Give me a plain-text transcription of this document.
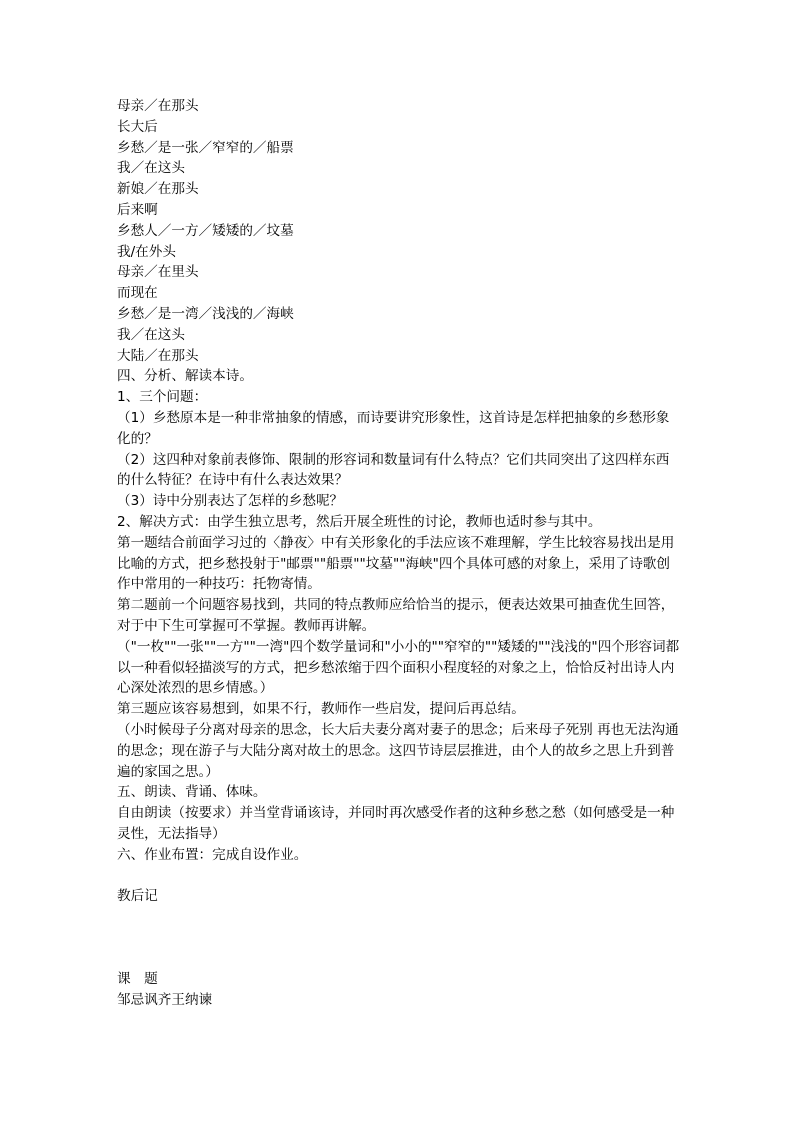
母亲／在那头

长大后

乡愁／是一张／窄窄的／船票

我／在这头

新娘／在那头

后来啊

乡愁人／一方／矮矮的／坟墓

我/在外头

母亲／在里头

而现在

乡愁／是一湾／浅浅的／海峡

我／在这头

大陆／在那头

四、分析、解读本诗。

1、三个问题：

（1）乡愁原本是一种非常抽象的情感，而诗要讲究形象性，这首诗是怎样把抽象的乡愁形象化的？

（2）这四种对象前表修饰、限制的形容词和数量词有什么特点？它们共同突出了这四样东西的什么特征？在诗中有什么表达效果？

（3）诗中分别表达了怎样的乡愁呢？

2、解决方式：由学生独立思考，然后开展全班性的讨论，教师也适时参与其中。

第一题结合前面学习过的〈静夜〉中有关形象化的手法应该不难理解，学生比较容易找出是用比喻的方式，把乡愁投射于"邮票""船票""坟墓""海峡"四个具体可感的对象上，采用了诗歌创作中常用的一种技巧：托物寄情。

第二题前一个问题容易找到，共同的特点教师应给恰当的提示，便表达效果可抽查优生回答，对于中下生可掌握可不掌握。教师再讲解。

（"一枚""一张""一方""一湾"四个数学量词和"小小的""窄窄的""矮矮的""浅浅的"四个形容词都以一种看似轻描淡写的方式，把乡愁浓缩于四个面积小程度轻的对象之上，恰恰反衬出诗人内心深处浓烈的思乡情感。）

第三题应该容易想到，如果不行，教师作一些启发，提问后再总结。

（小时候母子分离对母亲的思念，长大后夫妻分离对妻子的思念；后来母子死别 再也无法沟通的思念；现在游子与大陆分离对故土的思念。这四节诗层层推进，由个人的故乡之思上升到普遍的家国之思。）

五、朗读、背诵、体味。

自由朗读（按要求）并当堂背诵该诗，并同时再次感受作者的这种乡愁之愁（如何感受是一种灵性，无法指导）

六、作业布置：完成自设作业。

教后记

课　题

邹忌讽齐王纳谏
